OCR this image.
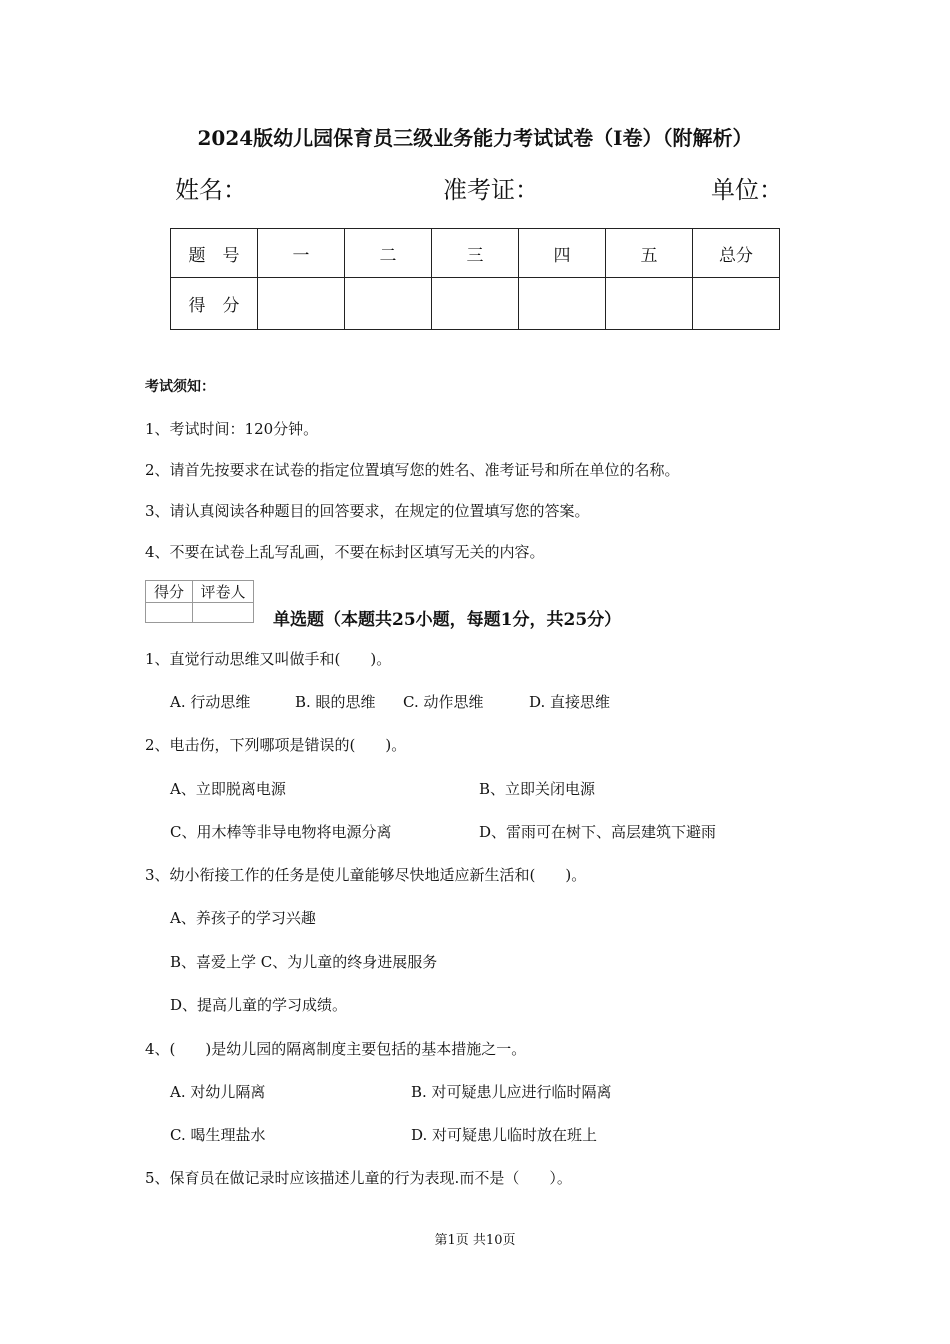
2024版幼儿园保育员三级业务能力考试试卷（I卷）（附解析）
姓名：	准考证：	单位：
题　号	一	二	三	四	五	总分
得　分						
考试须知：
1、考试时间：120分钟。
2、请首先按要求在试卷的指定位置填写您的姓名、准考证号和所在单位的名称。
3、请认真阅读各种题目的回答要求，在规定的位置填写您的答案。
4、不要在试卷上乱写乱画，不要在标封区填写无关的内容。
得分	评卷人

单选题（本题共25小题，每题1分，共25分）
1、直觉行动思维又叫做手和(　　)。
A. 行动思维	B. 眼的思维 C. 动作思维	D. 直接思维
2、电击伤，下列哪项是错误的(　　)。
A、立即脱离电源	B、立即关闭电源
C、用木棒等非导电物将电源分离	D、雷雨可在树下、高层建筑下避雨
3、幼小衔接工作的任务是使儿童能够尽快地适应新生活和(　　)。
A、养孩子的学习兴趣
B、喜爱上学 C、为儿童的终身进展服务
D、提高儿童的学习成绩。
4、(　　)是幼儿园的隔离制度主要包括的基本措施之一。
A. 对幼儿隔离	B. 对可疑患儿应进行临时隔离
C. 喝生理盐水	D. 对可疑患儿临时放在班上
5、保育员在做记录时应该描述儿童的行为表现.而不是（　　）。
第1页 共10页
